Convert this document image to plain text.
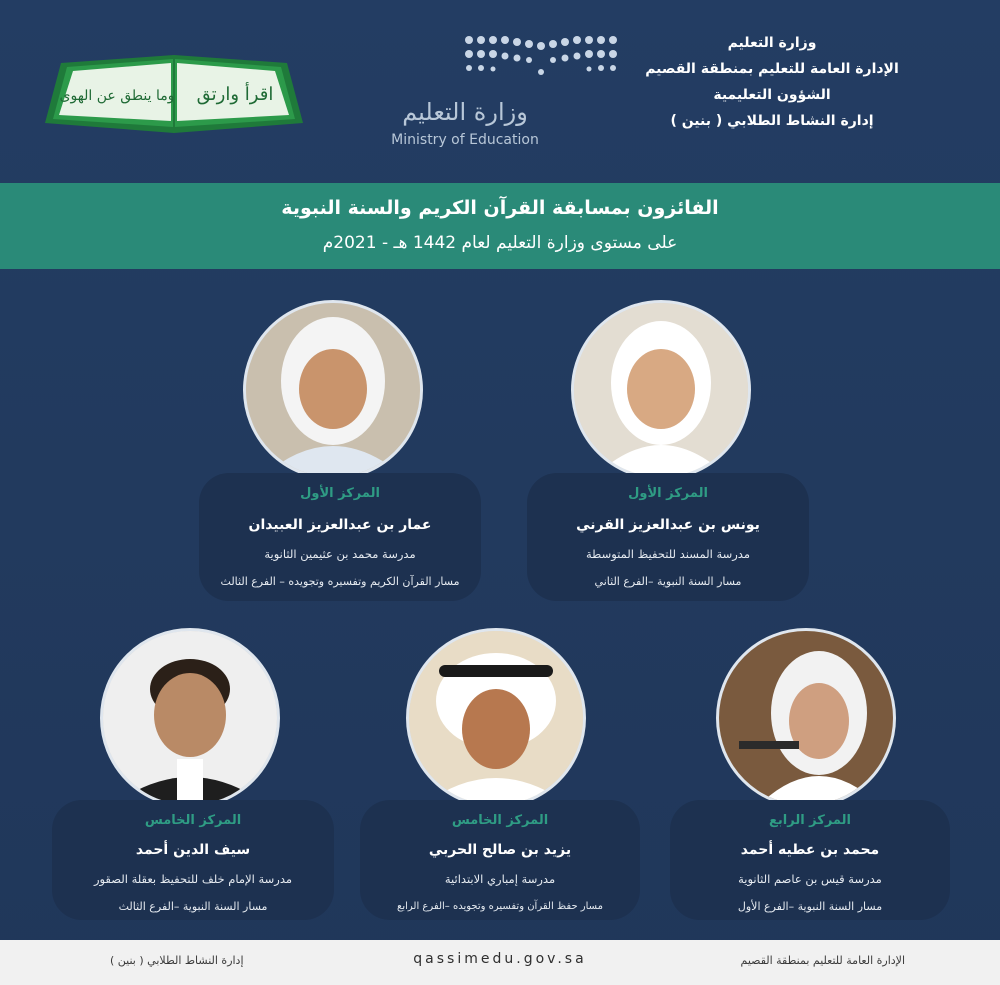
وزارة التعليم
الإدارة العامة للتعليم بمنطقة القصيم
الشؤون التعليمية
إدارة النشاط الطلابي ( بنين )
وزارة التعليم
Ministry of Education
اقرأ وارتق
وما ينطق عن الهوى
الفائزون بمسابقة القرآن الكريم والسنة النبوية
على مستوى وزارة التعليم لعام 1442 هـ - 2021م
المركز الأول
يونس بن عبدالعزيز القرني
مدرسة المسند للتحفيظ المتوسطة
مسار السنة النبوية –الفرع الثاني
المركز الأول
عمار بن عبدالعزيز العبيدان
مدرسة محمد بن عثيمين الثانوية
مسار القرآن الكريم وتفسيره وتجويده – الفرع الثالث
المركز الرابع
محمد بن عطيه أحمد
مدرسة قيس بن عاصم الثانوية
مسار السنة النبوية –الفرع الأول
المركز الخامس
يزيد بن صالح الحربي
مدرسة إمباري الابتدائية
مسار حفظ القرآن وتفسيره وتجويده –الفرع الرابع
المركز الخامس
سيف الدين أحمد
مدرسة الإمام خلف للتحفيظ بعقلة الصقور
مسار السنة النبوية –الفرع الثالث
الإدارة العامة للتعليم بمنطقة القصيم
qassimedu.gov.sa
إدارة النشاط الطلابي ( بنين )
